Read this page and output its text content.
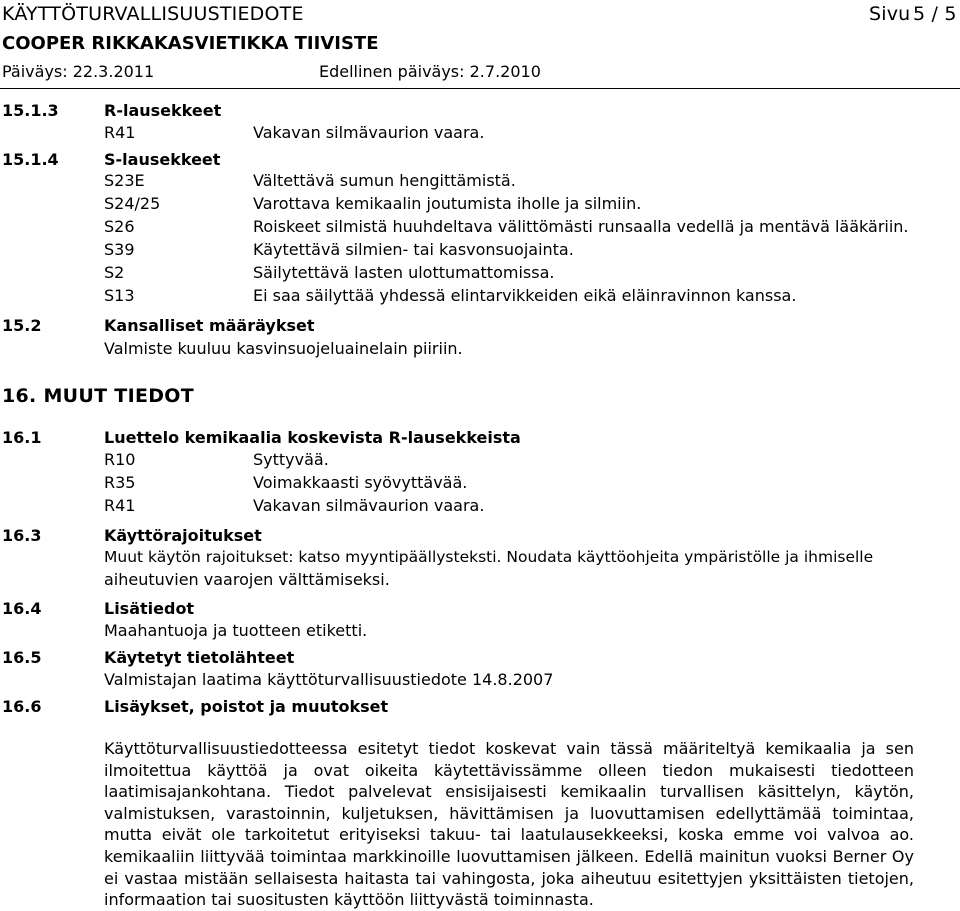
KÄYTTÖTURVALLISUUSTIEDOTE	Sivu 5 / 5
COOPER RIKKAKASVIETIKKA TIIVISTE
Päiväys: 22.3.2011	Edellinen päiväys: 2.7.2010
15.1.3	R-lausekkeet
R41	Vakavan silmävaurion vaara.
15.1.4	S-lausekkeet
S23E	Vältettävä sumun hengittämistä.
S24/25	Varottava kemikaalin joutumista iholle ja silmiin.
S26	Roiskeet silmistä huuhdeltava välittömästi runsaalla vedellä ja mentävä lääkäriin.
S39	Käytettävä silmien- tai kasvonsuojainta.
S2	Säilytettävä lasten ulottumattomissa.
S13	Ei saa säilyttää yhdessä elintarvikkeiden eikä eläinravinnon kanssa.
15.2	Kansalliset määräykset
Valmiste kuuluu kasvinsuojeluainelain piiriin.
16. MUUT TIEDOT
16.1	Luettelo kemikaalia koskevista R-lausekkeista
R10	Syttyvää.
R35	Voimakkaasti syövyttävää.
R41	Vakavan silmävaurion vaara.
16.3	Käyttörajoitukset
Muut käytön rajoitukset: katso myyntipäällysteksti. Noudata käyttöohjeita ympäristölle ja ihmiselle
aiheutuvien vaarojen välttämiseksi.
16.4	Lisätiedot
Maahantuoja ja tuotteen etiketti.
16.5	Käytetyt tietolähteet
Valmistajan laatima käyttöturvallisuustiedote 14.8.2007
16.6	Lisäykset, poistot ja muutokset
Käyttöturvallisuustiedotteessa esitetyt tiedot koskevat vain tässä määriteltyä kemikaalia ja sen ilmoitettua käyttöä ja ovat oikeita käytettävissämme olleen tiedon mukaisesti tiedotteen laatimisajankohtana. Tiedot palvelevat ensisijaisesti kemikaalin turvallisen käsittelyn, käytön, valmistuksen, varastoinnin, kuljetuksen, hävittämisen ja luovuttamisen edellyttämää toimintaa, mutta eivät ole tarkoitetut erityiseksi takuu- tai laatulausekkeeksi, koska emme voi valvoa ao. kemikaaliin liittyvää toimintaa markkinoille luovuttamisen jälkeen. Edellä mainitun vuoksi Berner Oy ei vastaa mistään sellaisesta haitasta tai vahingosta, joka aiheutuu esitettyjen yksittäisten tietojen, informaation tai suositusten käyttöön liittyvästä toiminnasta.
